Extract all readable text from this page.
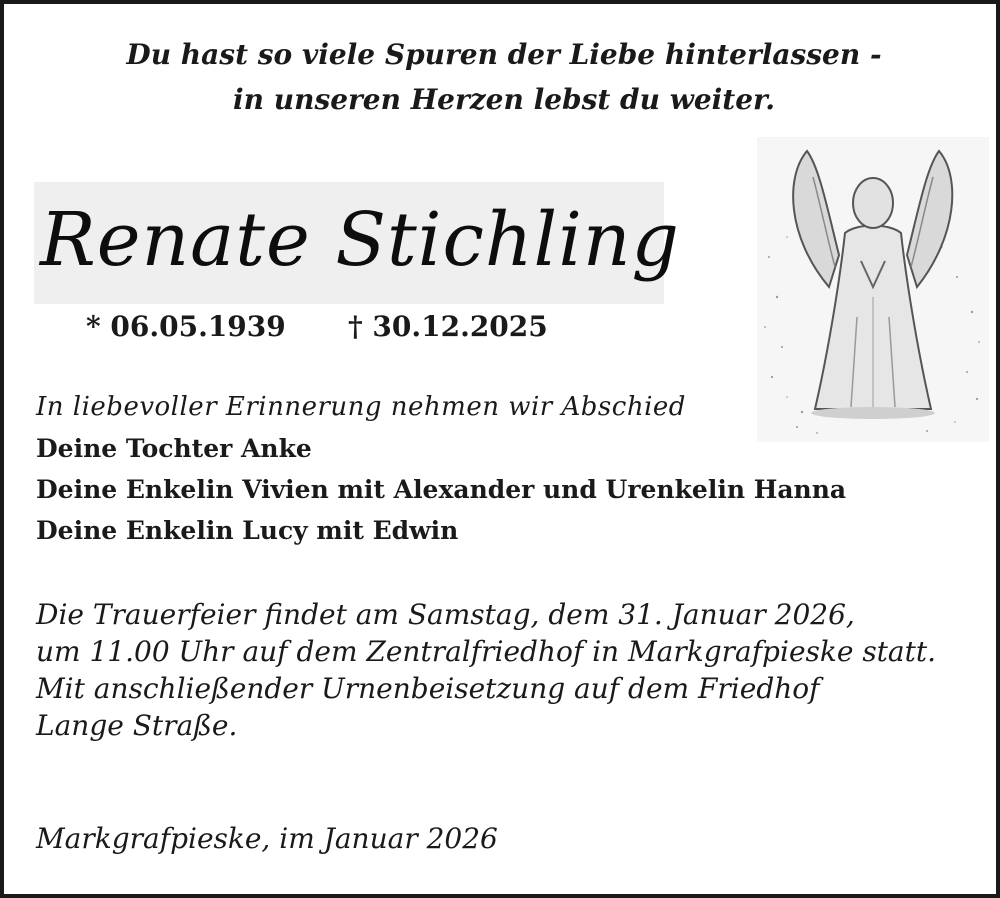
Du hast so viele Spuren der Liebe hinterlassen -
in unseren Herzen lebst du weiter.
Renate Stichling
* 06.05.1939 † 30.12.2025
In liebevoller Erinnerung nehmen wir Abschied
Deine Tochter Anke
Deine Enkelin Vivien mit Alexander und Urenkelin Hanna
Deine Enkelin Lucy mit Edwin
Die Trauerfeier findet am Samstag, dem 31. Januar 2026,
um 11.00 Uhr auf dem Zentralfriedhof in Markgrafpieske statt.
Mit anschließender Urnenbeisetzung auf dem Friedhof
Lange Straße.
Markgrafpieske, im Januar 2026
